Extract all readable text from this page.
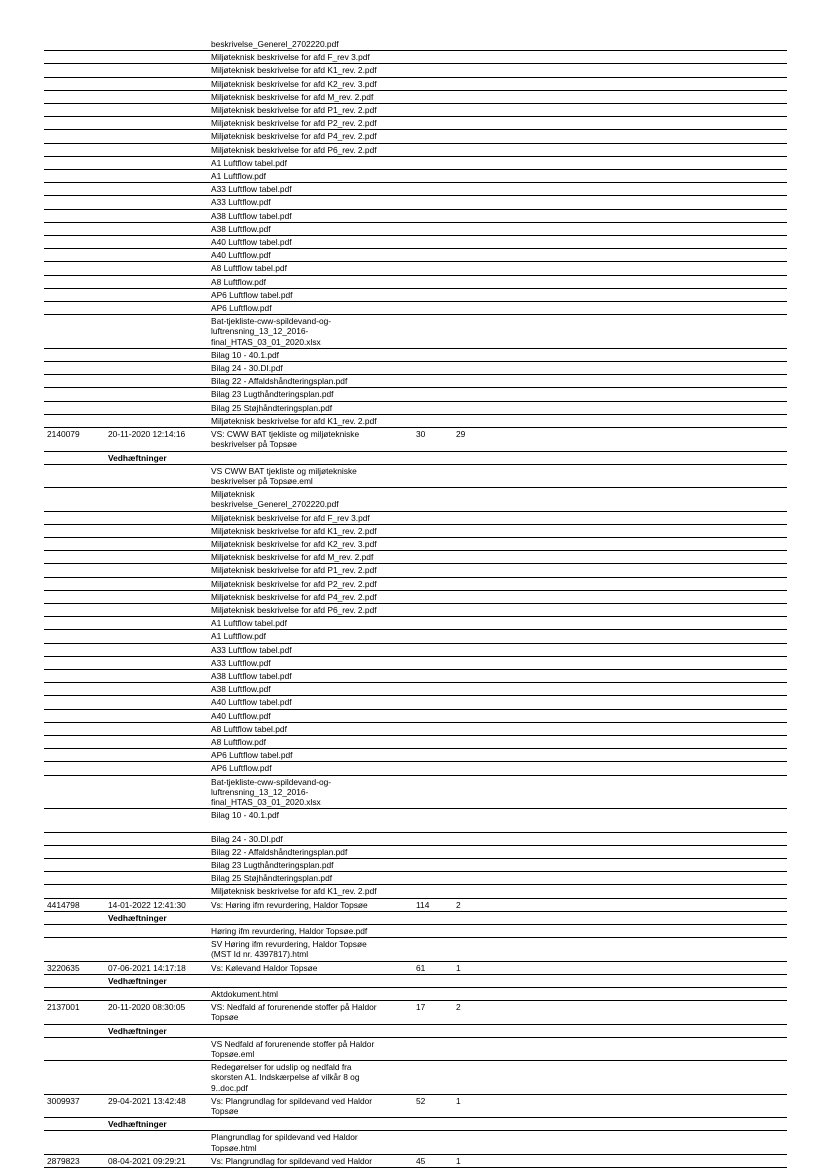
		beskrivelse_Generel_2702220.pdf			
		Miljøteknisk beskrivelse for afd F_rev 3.pdf			
		Miljøteknisk beskrivelse for afd K1_rev. 2.pdf			
		Miljøteknisk beskrivelse for afd K2_rev. 3.pdf			
		Miljøteknisk beskrivelse for afd M_rev. 2.pdf			
		Miljøteknisk beskrivelse for afd P1_rev. 2.pdf			
		Miljøteknisk beskrivelse for afd P2_rev. 2.pdf			
		Miljøteknisk beskrivelse for afd P4_rev. 2.pdf			
		Miljøteknisk beskrivelse for afd P6_rev. 2.pdf			
		A1 Luftflow tabel.pdf			
		A1 Luftflow.pdf			
		A33 Luftflow tabel.pdf			
		A33 Luftflow.pdf			
		A38 Luftflow tabel.pdf			
		A38 Luftflow.pdf			
		A40 Luftflow tabel.pdf			
		A40 Luftflow.pdf			
		A8 Luftflow tabel.pdf			
		A8 Luftflow.pdf			
		AP6 Luftflow tabel.pdf			
		AP6 Luftflow.pdf			
		Bat-tjekliste-cww-spildevand-og-
luftrensning_13_12_2016-
final_HTAS_03_01_2020.xlsx			
		Bilag 10 - 40.1.pdf			
		Bilag 24 - 30.DI.pdf			
		Bilag 22 - Affaldshåndteringsplan.pdf			
		Bilag 23 Lugthåndteringsplan.pdf			
		Bilag 25 Støjhåndteringsplan.pdf			
		Miljøteknisk beskrivelse for afd K1_rev. 2.pdf			
2140079	20-11-2020 12:14:16	VS: CWW BAT tjekliste og miljøtekniske
beskrivelser på Topsøe	30	29	
	Vedhæftninger				
		VS CWW BAT tjekliste og miljøtekniske
beskrivelser på Topsøe.eml			
		Miljøteknisk
beskrivelse_Generel_2702220.pdf			
		Miljøteknisk beskrivelse for afd F_rev 3.pdf			
		Miljøteknisk beskrivelse for afd K1_rev. 2.pdf			
		Miljøteknisk beskrivelse for afd K2_rev. 3.pdf			
		Miljøteknisk beskrivelse for afd M_rev. 2.pdf			
		Miljøteknisk beskrivelse for afd P1_rev. 2.pdf			
		Miljøteknisk beskrivelse for afd P2_rev. 2.pdf			
		Miljøteknisk beskrivelse for afd P4_rev. 2.pdf			
		Miljøteknisk beskrivelse for afd P6_rev. 2.pdf			
		A1 Luftflow tabel.pdf			
		A1 Luftflow.pdf			
		A33 Luftflow tabel.pdf			
		A33 Luftflow.pdf			
		A38 Luftflow tabel.pdf			
		A38 Luftflow.pdf			
		A40 Luftflow tabel.pdf			
		A40 Luftflow.pdf			
		A8 Luftflow tabel.pdf			
		A8 Luftflow.pdf			
		AP6 Luftflow tabel.pdf			
		AP6 Luftflow.pdf			
		Bat-tjekliste-cww-spildevand-og-
luftrensning_13_12_2016-
final_HTAS_03_01_2020.xlsx			
		Bilag 10 - 40.1.pdf

		Bilag 24 - 30.DI.pdf			
		Bilag 22 - Affaldshåndteringsplan.pdf			
		Bilag 23 Lugthåndteringsplan.pdf			
		Bilag 25 Støjhåndteringsplan.pdf			
		Miljøteknisk beskrivelse for afd K1_rev. 2.pdf			
4414798	14-01-2022 12:41:30	Vs: Høring ifm revurdering, Haldor Topsøe	114	2	
	Vedhæftninger				
		Høring ifm revurdering, Haldor Topsøe.pdf			
		SV Høring ifm revurdering, Haldor Topsøe
(MST Id nr. 4397817).html			
3220635	07-06-2021 14:17:18	Vs: Kølevand Haldor Topsøe	61	1	
	Vedhæftninger				
		Aktdokument.html			
2137001	20-11-2020 08:30:05	VS: Nedfald af forurenende stoffer på Haldor
Topsøe	17	2	
	Vedhæftninger				
		VS Nedfald af forurenende stoffer på Haldor
Topsøe.eml			
		Redegørelser for udslip og nedfald fra
skorsten A1. Indskærpelse af vilkår 8 og
9..doc.pdf			
3009937	29-04-2021 13:42:48	Vs: Plangrundlag for spildevand ved Haldor
Topsøe	52	1	
	Vedhæftninger				
		Plangrundlag for spildevand ved Haldor
Topsøe.html			
2879823	08-04-2021 09:29:21	Vs: Plangrundlag for spildevand ved Haldor	45	1	
